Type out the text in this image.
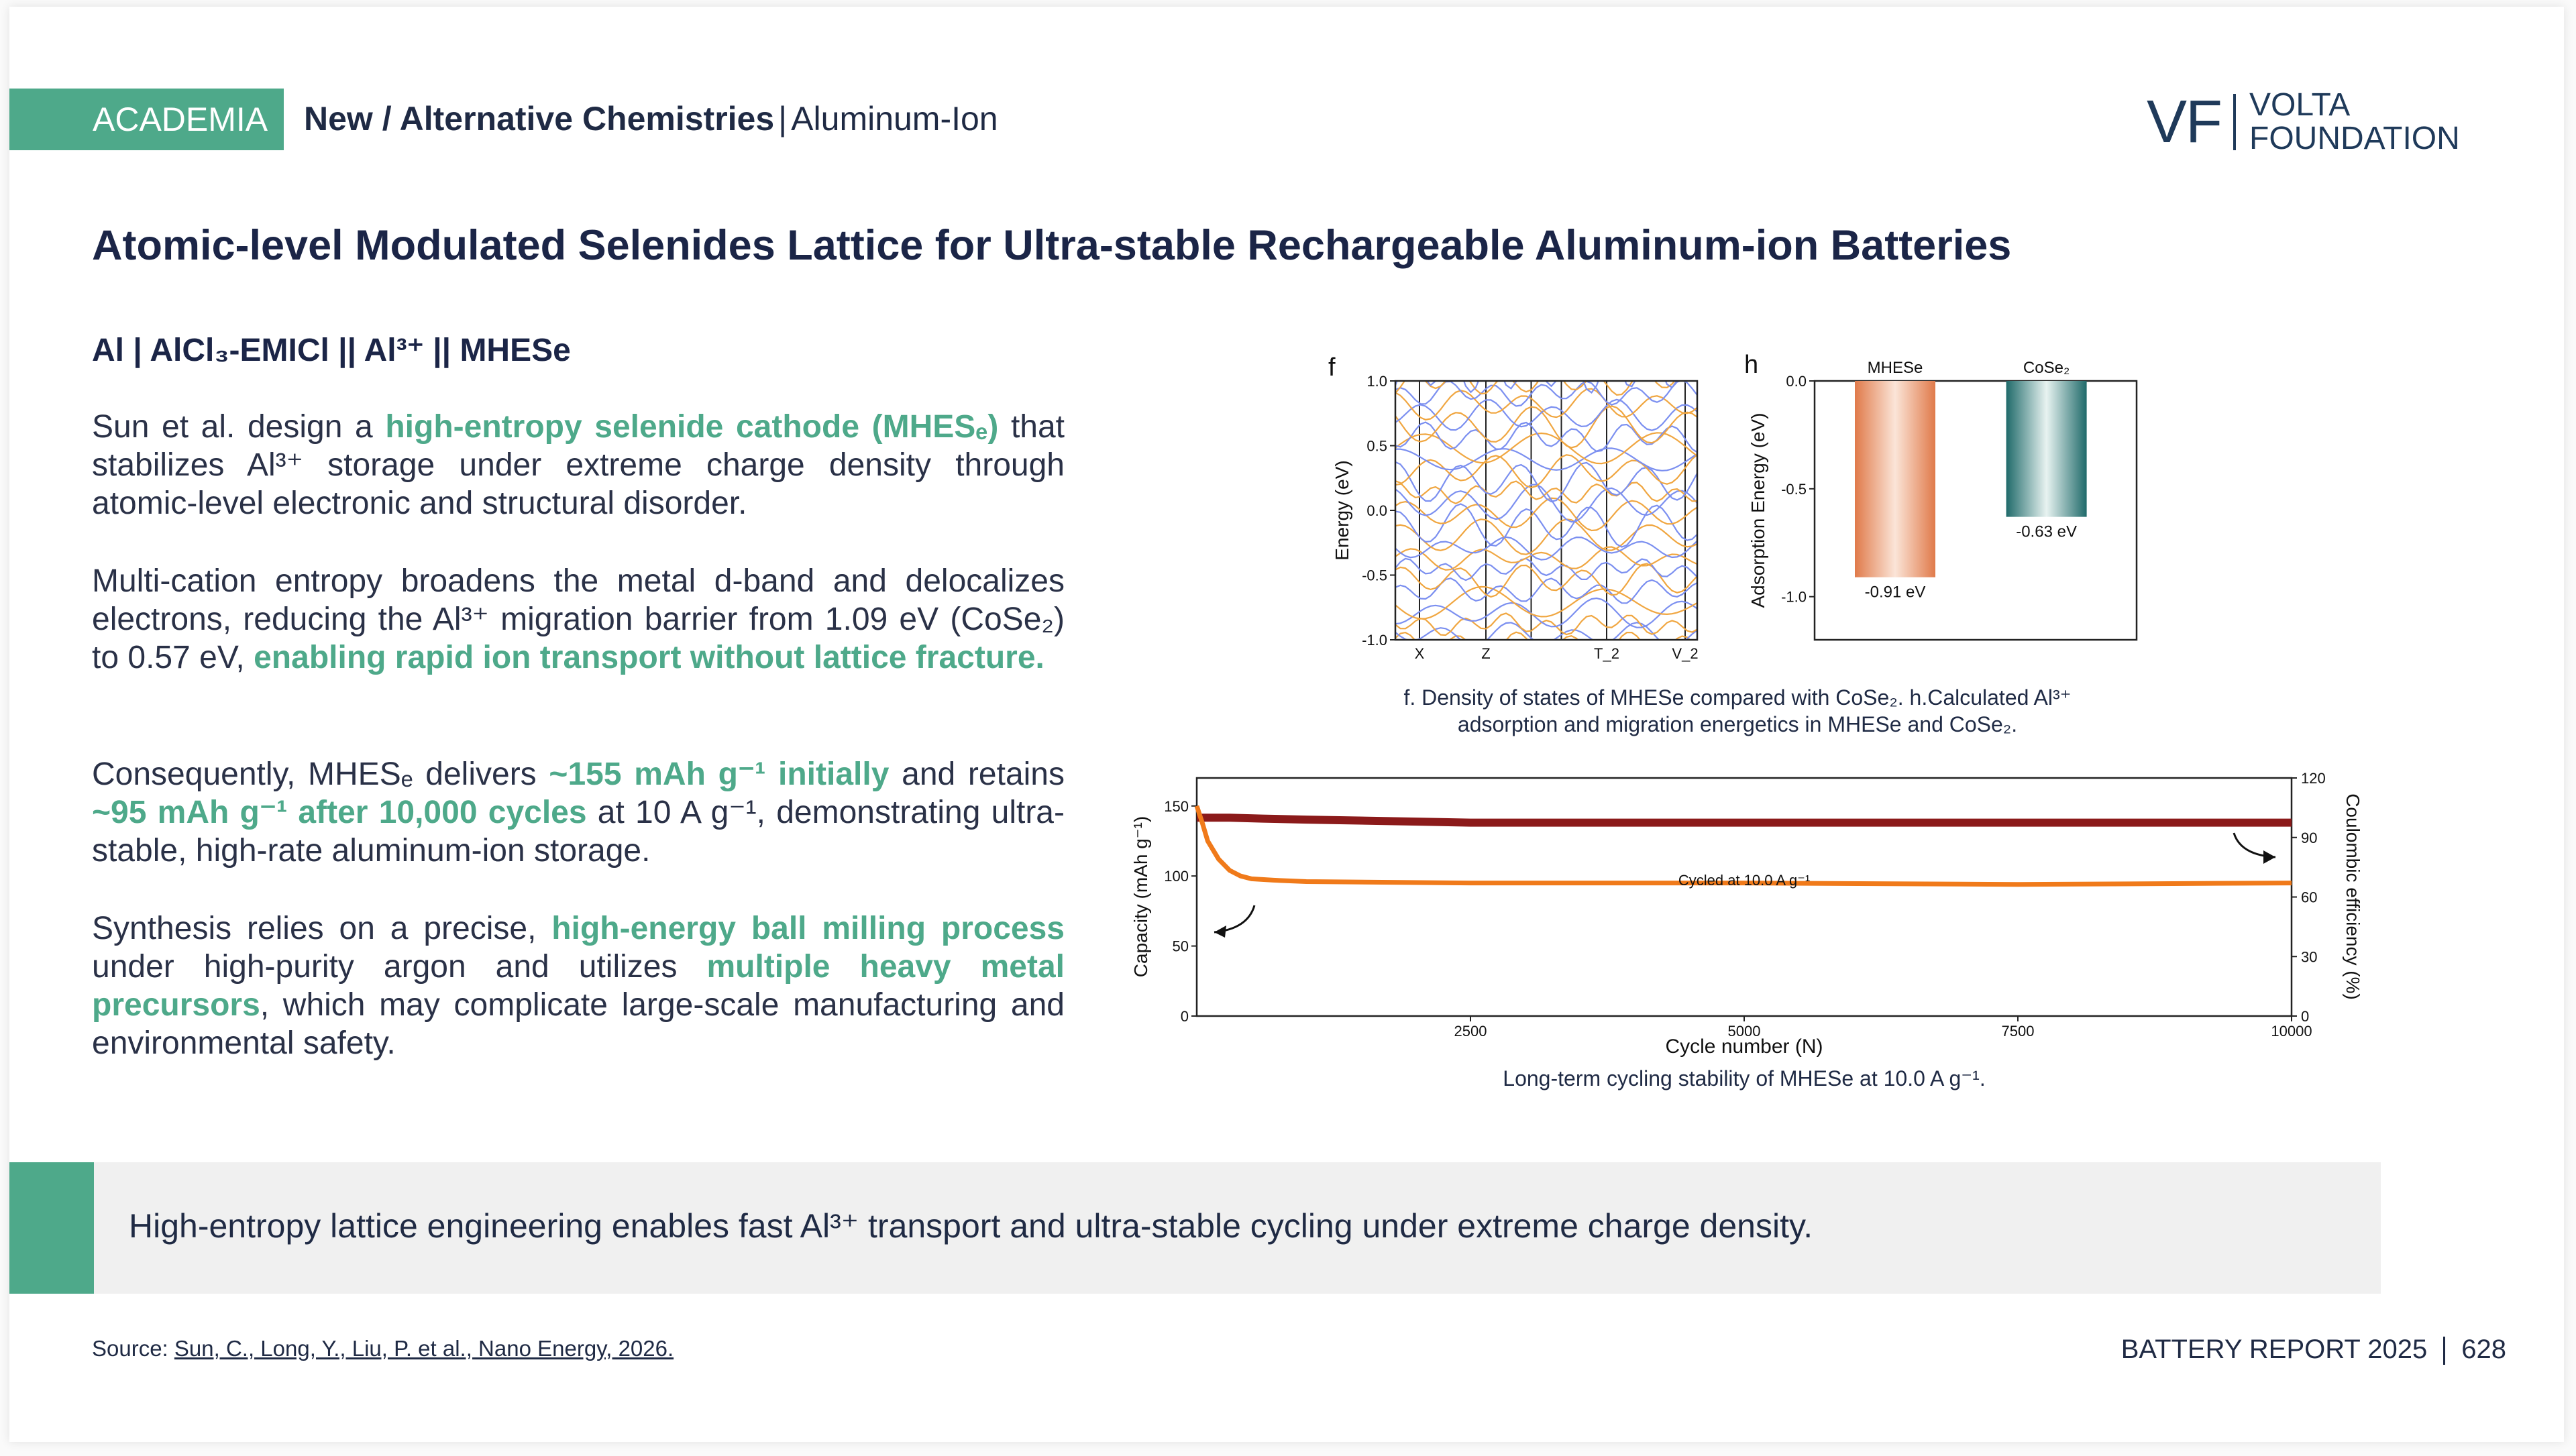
ACADEMIA New / Alternative Chemistries | Aluminum-Ion	VF VOLTA
FOUNDATION
Atomic-level Modulated Selenides Lattice for Ultra-stable Rechargeable Aluminum-ion Batteries
Al | AlCl₃-EMICl || Al³⁺ || MHESe
Sun et al. design a high-entropy selenide cathode (MHESₑ) that stabilizes Al³⁺ storage under extreme charge density through atomic-level electronic and structural disorder.
Multi-cation entropy broadens the metal d-band and delocalizes electrons, reducing the Al³⁺ migration barrier from 1.09 eV (CoSe₂) to 0.57 eV, enabling rapid ion transport without lattice fracture.
Consequently, MHESₑ delivers ~155 mAh g⁻¹ initially and retains ~95 mAh g⁻¹ after 10,000 cycles at 10 A g⁻¹, demonstrating ultra-stable, high-rate aluminum-ion storage.
Synthesis relies on a precise, high-energy ball milling process under high-purity argon and utilizes multiple heavy metal precursors, which may complicate large-scale manufacturing and environmental safety.
f	h
1.0
0.5
0.0
-0.5
-1.0
X	Z	T_2	V_2
Energy (eV)
0.0
-0.5
-1.0
Adsorption Energy (eV)
MHESe	CoSe₂
-0.91 eV
-0.63 eV
f. Density of states of MHESe compared with CoSe₂. h.Calculated Al³⁺
adsorption and migration energetics in MHESe and CoSe₂.
2500	5000	7500	10000
0
50
100
150
0
30
60
90
120
Cycled at 10.0 A g⁻¹
Cycle number (N)
Capacity (mAh g⁻¹)	Coulombic efficiency (%)
Long-term cycling stability of MHESe at 10.0 A g⁻¹.
High-entropy lattice engineering enables fast Al³⁺ transport and ultra-stable cycling under extreme charge density.
Source: Sun, C., Long, Y., Liu, P. et al., Nano Energy, 2026.	BATTERY REPORT 2025 628
